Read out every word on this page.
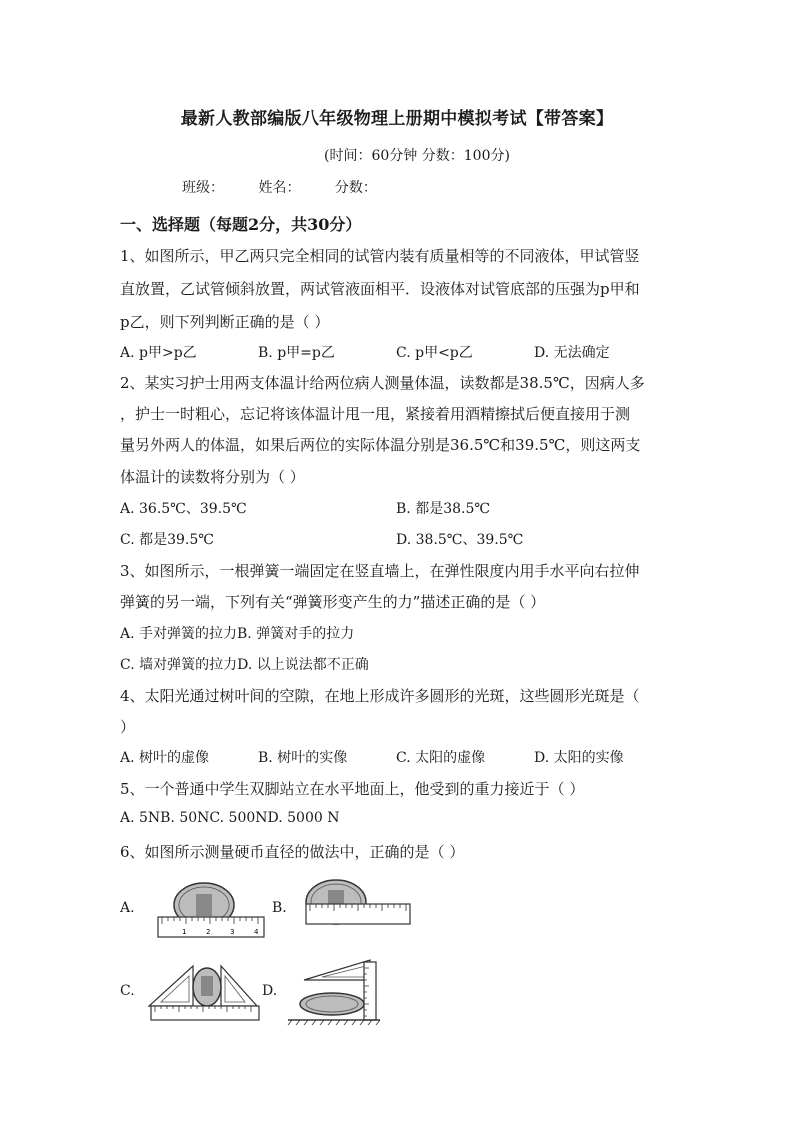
最新人教部编版八年级物理上册期中模拟考试【带答案】
(时间：60分钟 分数：100分)
班级： 姓名： 分数：
一、选择题（每题2分，共30分）
1、如图所示，甲乙两只完全相同的试管内装有质量相等的不同液体，甲试管竖
直放置，乙试管倾斜放置，两试管液面相平．设液体对试管底部的压强为p甲和
p乙，则下列判断正确的是（ ）
A. p甲>p乙	B. p甲=p乙	C. p甲<p乙	D. 无法确定
2、某实习护士用两支体温计给两位病人测量体温，读数都是38.5℃，因病人多
，护士一时粗心，忘记将该体温计甩一甩，紧接着用酒精擦拭后便直接用于测
量另外两人的体温，如果后两位的实际体温分别是36.5℃和39.5℃，则这两支
体温计的读数将分别为（ ）
A. 36.5℃、39.5℃	B. 都是38.5℃
C. 都是39.5℃	D. 38.5℃、39.5℃
3、如图所示，一根弹簧一端固定在竖直墙上，在弹性限度内用手水平向右拉伸
弹簧的另一端，下列有关“弹簧形变产生的力”描述正确的是（ ）
A. 手对弹簧的拉力B. 弹簧对手的拉力
C. 墙对弹簧的拉力D. 以上说法都不正确
4、太阳光通过树叶间的空隙，在地上形成许多圆形的光斑，这些圆形光斑是（
）
A. 树叶的虚像	B. 树叶的实像	C. 太阳的虚像	D. 太阳的实像
5、一个普通中学生双脚站立在水平地面上，他受到的重力接近于（ ）
A. 5NB. 50NC. 500ND. 5000 N
6、如图所示测量硬币直径的做法中，正确的是（ ）
A.
1	2	3	4
B.
C.	D.
